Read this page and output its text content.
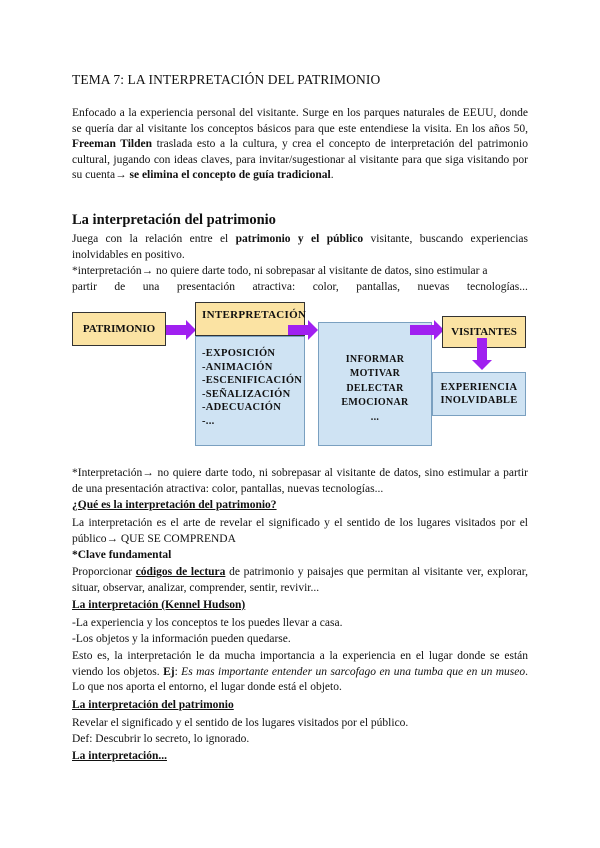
TEMA 7: LA INTERPRETACIÓN DEL PATRIMONIO

Enfocado a la experiencia personal del visitante. Surge en los parques naturales de EEUU, donde se quería dar al visitante los conceptos básicos para que este entendiese la visita. En los años 50, Freeman Tilden traslada esto a la cultura, y crea el concepto de interpretación del patrimonio cultural, jugando con ideas claves, para invitar/sugestionar al visitante para que siga visitando por su cuenta→ se elimina el concepto de guía tradicional.

La interpretación del patrimonio

Juega con la relación entre el patrimonio y el público visitante, buscando experiencias inolvidables en positivo.

*interpretación→ no quiere darte todo, ni sobrepasar al visitante de datos, sino estimular a
partir de una presentación atractiva: color, pantallas, nuevas tecnologías...
PATRIMONIO
INTERPRETACIÓN
-EXPOSICIÓN
-ANIMACIÓN
-ESCENIFICACIÓN
-SEÑALIZACIÓN
-ADECUACIÓN
-...
INFORMAR
MOTIVAR
DELECTAR
EMOCIONAR
...
VISITANTES
EXPERIENCIA
INOLVIDABLE

*Interpretación→ no quiere darte todo, ni sobrepasar al visitante de datos, sino estimular a partir de una presentación atractiva: color, pantallas, nuevas tecnologías...

¿Qué es la interpretación del patrimonio?

La interpretación es el arte de revelar el significado y el sentido de los lugares visitados por el público→ QUE SE COMPRENDA

*Clave fundamental

Proporcionar códigos de lectura de patrimonio y paisajes que permitan al visitante ver, explorar, situar, observar, analizar, comprender, sentir, revivir...

La interpretación (Kennel Hudson)
-La experiencia y los conceptos te los puedes llevar a casa.
-Los objetos y la información pueden quedarse.

Esto es, la interpretación le da mucha importancia a la experiencia en el lugar donde se están viendo los objetos. Ej: Es mas importante entender un sarcofago en una tumba que en un museo. Lo que nos aporta el entorno, el lugar donde está el objeto.

La interpretación del patrimonio
Revelar el significado y el sentido de los lugares visitados por el público.
Def: Descubrir lo secreto, lo ignorado.
La interpretación...
